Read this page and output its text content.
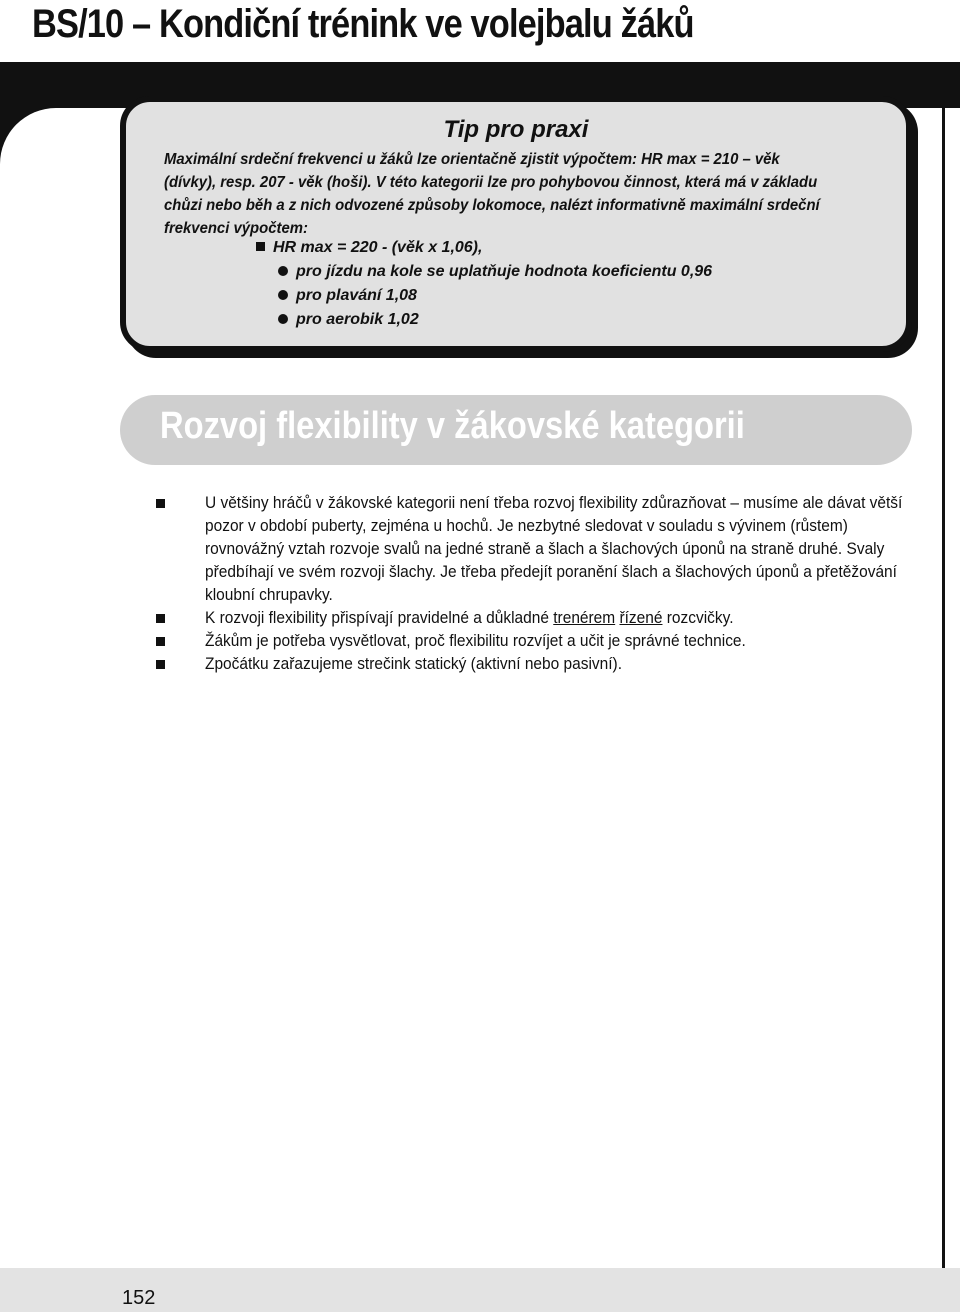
BS/10 – Kondiční trénink ve volejbalu žáků
152
Tip pro praxi
Maximální srdeční frekvenci u žáků lze orientačně zjistit výpočtem: HR max = 210 – věk (dívky), resp. 207 - věk (hoši). V této kategorii lze pro pohybovou činnost, která má v základu chůzi nebo běh a z nich odvozené způsoby lokomoce, nalézt informativně maximální srdeční frekvenci výpočtem:
HR max = 220 - (věk x 1,06),
pro jízdu na kole se uplatňuje hodnota koeficientu 0,96
pro plavání 1,08
pro aerobik 1,02
Rozvoj flexibility v žákovské kategorii
U většiny hráčů v žákovské kategorii není třeba rozvoj flexibility zdůrazňovat – musíme ale dávat větší pozor v období puberty, zejména u hochů. Je nezbytné sledovat v souladu s vývinem (růstem) rovnovážný vztah rozvoje svalů na jedné straně a šlach a šlachových úponů na straně druhé. Svaly předbíhají ve svém rozvoji šlachy. Je třeba předejít poranění šlach a šlachových úponů a přetěžování kloubní chrupavky.
K rozvoji flexibility přispívají pravidelné a důkladné trenérem řízené rozcvičky.
Žákům je potřeba vysvětlovat, proč flexibilitu rozvíjet a učit je správné technice.
Zpočátku zařazujeme strečink statický (aktivní nebo pasivní).
